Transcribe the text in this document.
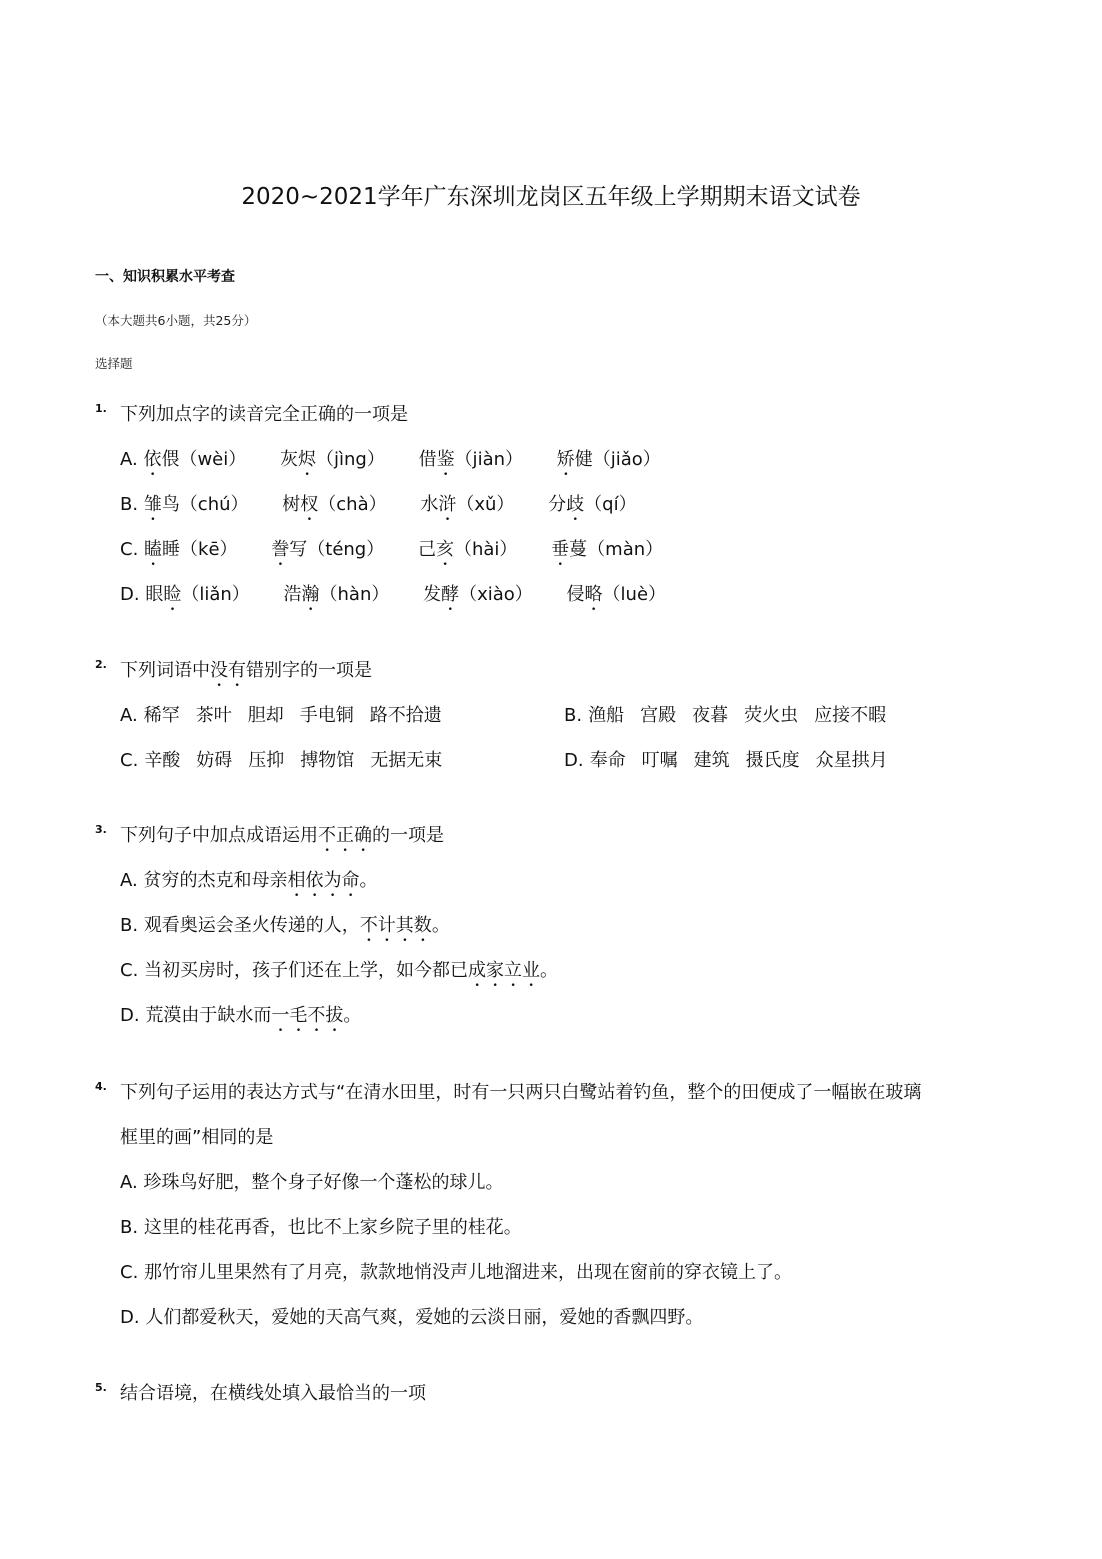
2020~2021学年广东深圳龙岗区五年级上学期期末语文试卷
一、知识积累水平考查
（本大题共6小题，共25分）
选择题
1. 下列加点字的读音完全正确的一项是
A. 依偎（wèi） 灰烬（jìng） 借鉴（jiàn） 矫健（jiǎo）
B. 雏鸟（chú） 树杈（chà） 水浒（xǔ） 分歧（qí）
C. 瞌睡（kē） 誊写（téng） 己亥（hài） 垂蔓（màn）
D. 眼睑（liǎn） 浩瀚（hàn） 发酵（xiào） 侵略（luè）
2. 下列词语中没有错别字的一项是
A. 稀罕 茶叶 胆却 手电铜 路不拾遗	B. 渔船 宫殿 夜暮 荧火虫 应接不暇
C. 辛酸 妨碍 压抑 搏物馆 无据无束	D. 奉命 叮嘱 建筑 摄氏度 众星拱月
3. 下列句子中加点成语运用不正确的一项是
A. 贫穷的杰克和母亲相依为命。
B. 观看奥运会圣火传递的人，不计其数。
C. 当初买房时，孩子们还在上学，如今都已成家立业。
D. 荒漠由于缺水而一毛不拔。
4. 下列句子运用的表达方式与“在清水田里，时有一只两只白鹭站着钓鱼，整个的田便成了一幅嵌在玻璃
框里的画”相同的是
A. 珍珠鸟好肥，整个身子好像一个蓬松的球儿。
B. 这里的桂花再香，也比不上家乡院子里的桂花。
C. 那竹帘儿里果然有了月亮，款款地悄没声儿地溜进来，出现在窗前的穿衣镜上了。
D. 人们都爱秋天，爱她的天高气爽，爱她的云淡日丽，爱她的香飘四野。
5. 结合语境，在横线处填入最恰当的一项
